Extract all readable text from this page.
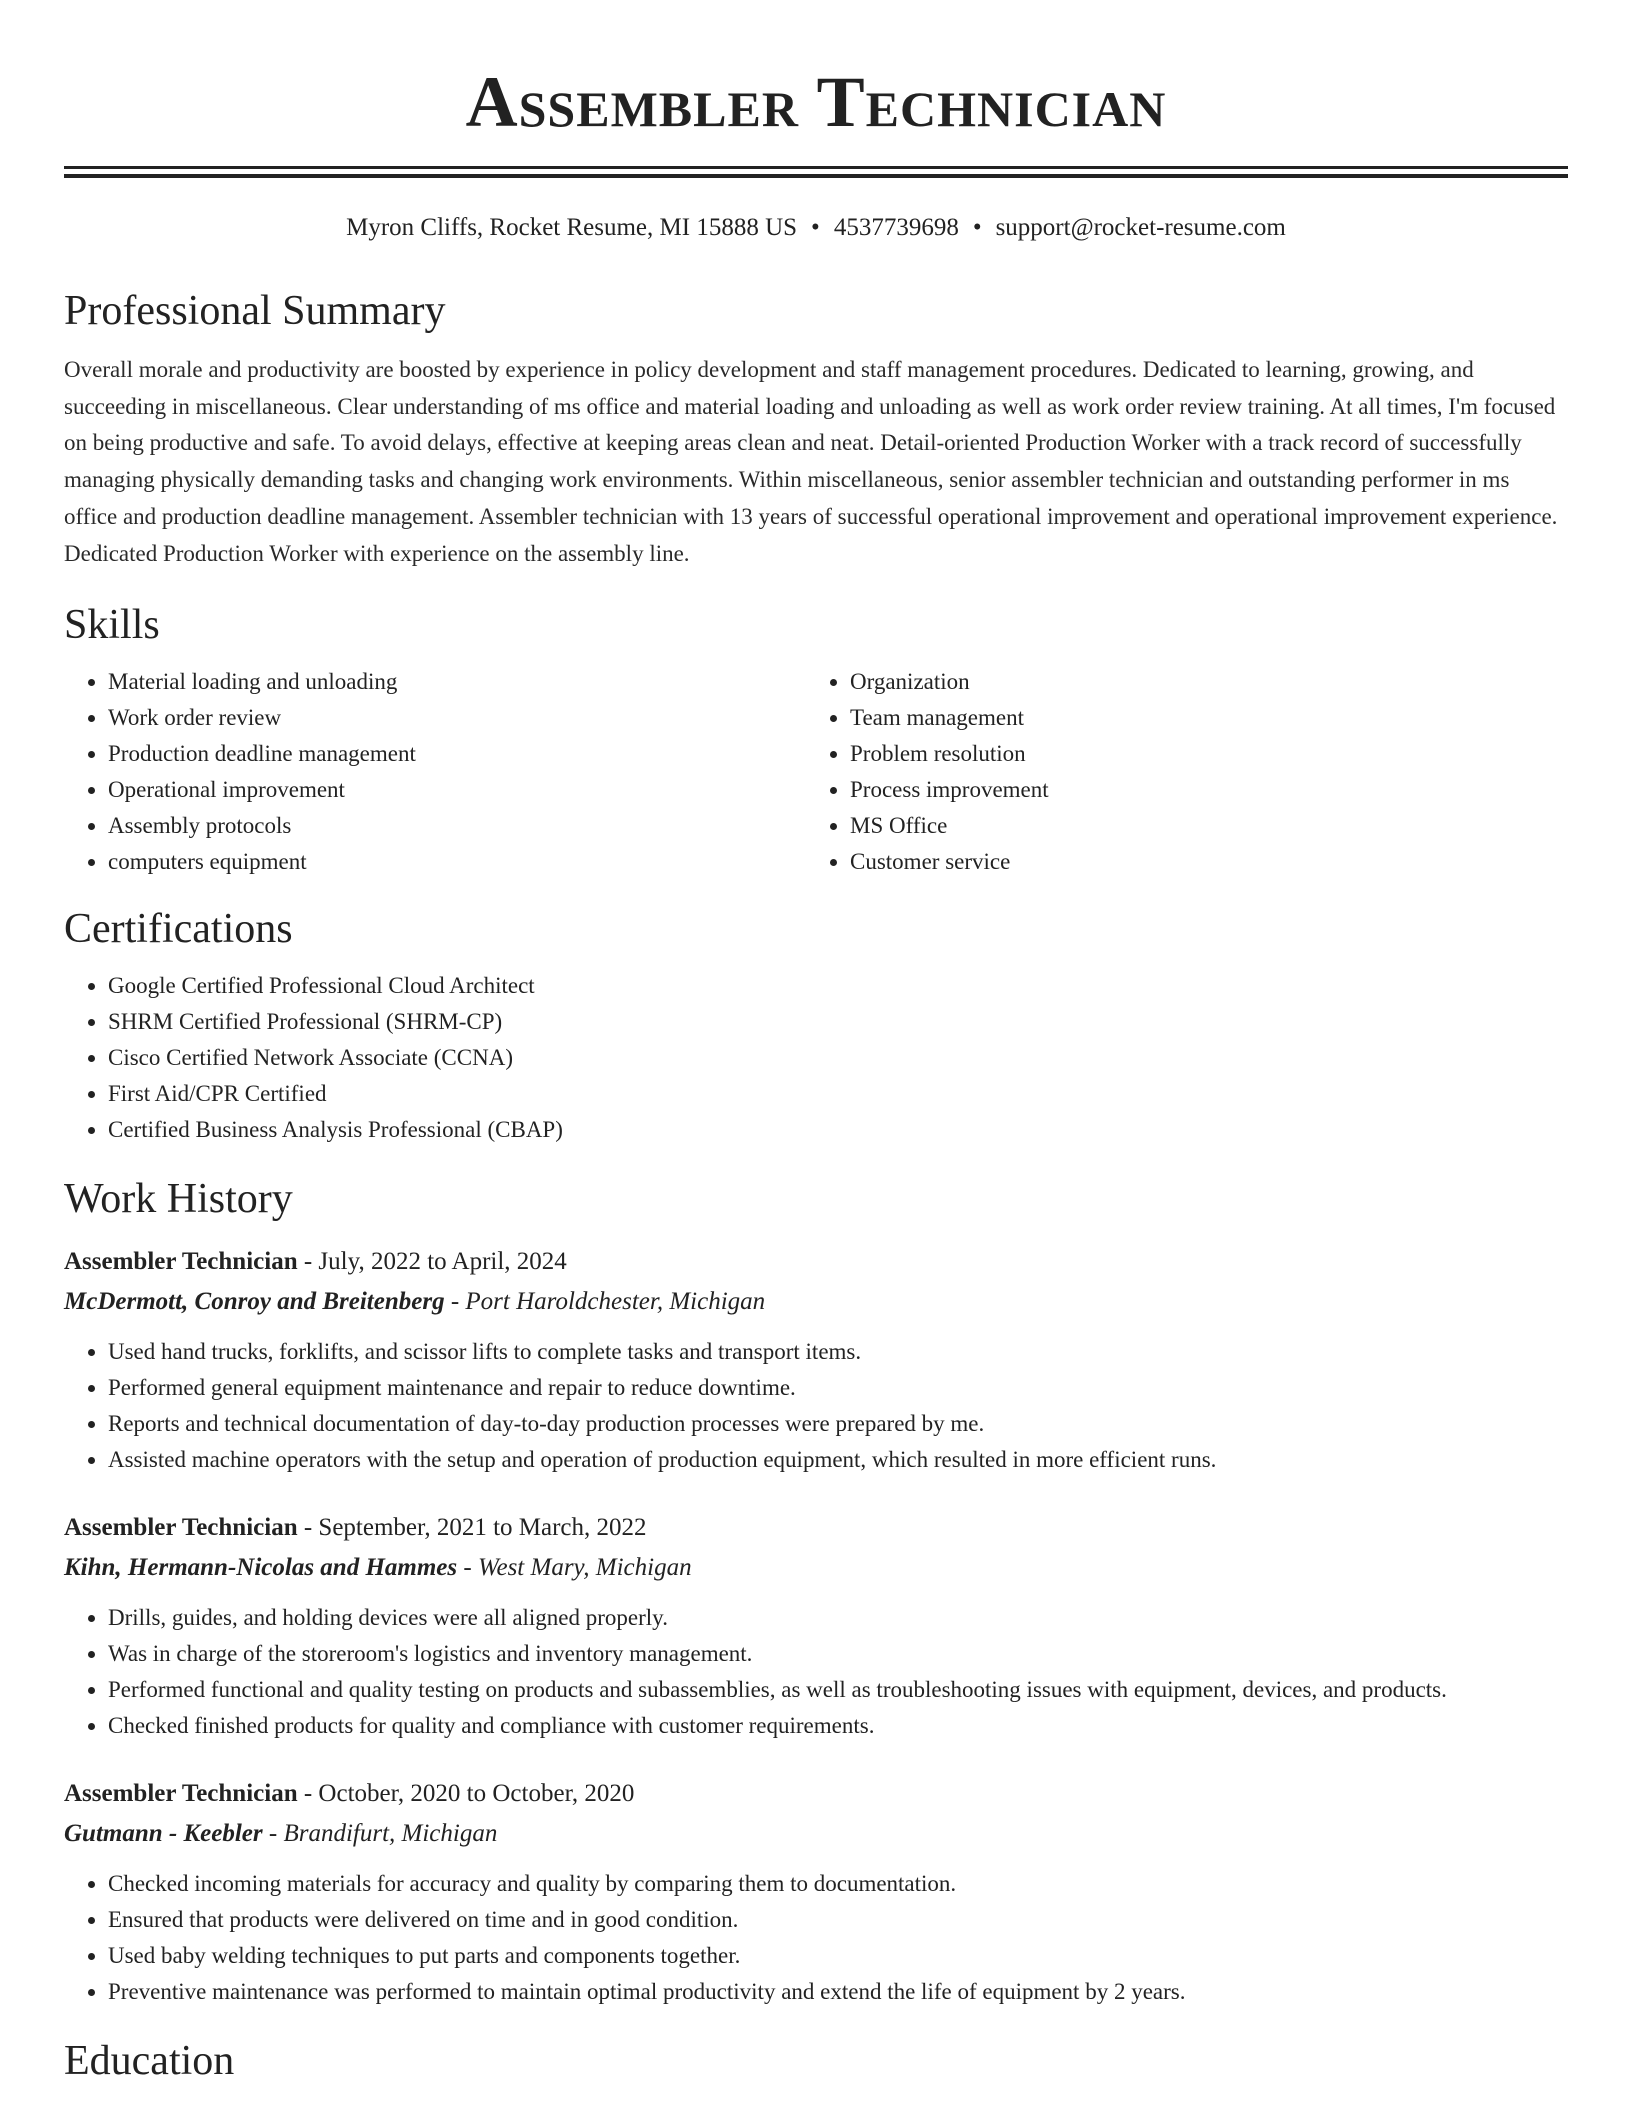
Assembler Technician
Myron Cliffs, Rocket Resume, MI 15888 US • 4537739698 • support@rocket-resume.com
Professional Summary

Overall morale and productivity are boosted by experience in policy development and staff management procedures. Dedicated to learning, growing, and succeeding in miscellaneous. Clear understanding of ms office and material loading and unloading as well as work order review training. At all times, I'm focused on being productive and safe. To avoid delays, effective at keeping areas clean and neat. Detail-oriented Production Worker with a track record of successfully managing physically demanding tasks and changing work environments. Within miscellaneous, senior assembler technician and outstanding performer in ms office and production deadline management. Assembler technician with 13 years of successful operational improvement and operational improvement experience. Dedicated Production Worker with experience on the assembly line.

Skills
• Material loading and unloading
• Work order review
• Production deadline management
• Operational improvement
• Assembly protocols
• computers equipment
• Organization
• Team management
• Problem resolution
• Process improvement
• MS Office
• Customer service
Certifications
• Google Certified Professional Cloud Architect
• SHRM Certified Professional (SHRM-CP)
• Cisco Certified Network Associate (CCNA)
• First Aid/CPR Certified
• Certified Business Analysis Professional (CBAP)
Work History
Assembler Technician - July, 2022 to April, 2024
McDermott, Conroy and Breitenberg - Port Haroldchester, Michigan
• Used hand trucks, forklifts, and scissor lifts to complete tasks and transport items.
• Performed general equipment maintenance and repair to reduce downtime.
• Reports and technical documentation of day-to-day production processes were prepared by me.
• Assisted machine operators with the setup and operation of production equipment, which resulted in more efficient runs.
Assembler Technician - September, 2021 to March, 2022
Kihn, Hermann-Nicolas and Hammes - West Mary, Michigan
• Drills, guides, and holding devices were all aligned properly.
• Was in charge of the storeroom's logistics and inventory management.
• Performed functional and quality testing on products and subassemblies, as well as troubleshooting issues with equipment, devices, and products.
• Checked finished products for quality and compliance with customer requirements.
Assembler Technician - October, 2020 to October, 2020
Gutmann - Keebler - Brandifurt, Michigan
• Checked incoming materials for accuracy and quality by comparing them to documentation.
• Ensured that products were delivered on time and in good condition.
• Used baby welding techniques to put parts and components together.
• Preventive maintenance was performed to maintain optimal productivity and extend the life of equipment by 2 years.
Education
